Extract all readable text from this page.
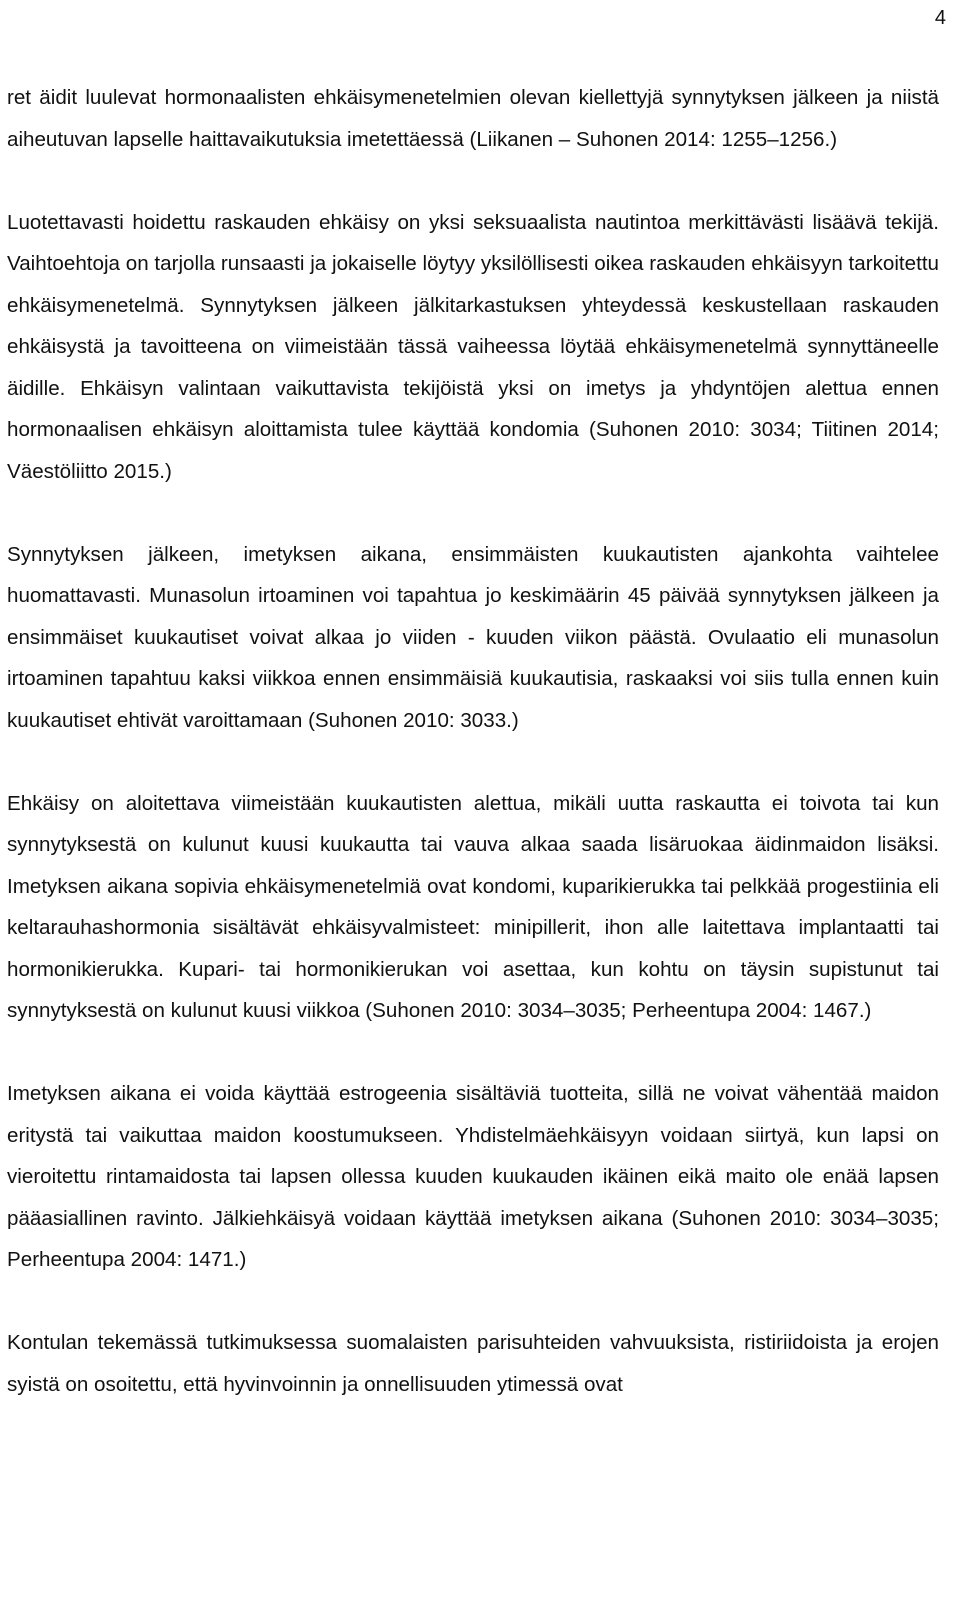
4

ret äidit luulevat hormonaalisten ehkäisymenetelmien olevan kiellettyjä synnytyksen jälkeen ja niistä aiheutuvan lapselle haittavaikutuksia imetettäessä (Liikanen – Suhonen 2014: 1255–1256.)

Luotettavasti hoidettu raskauden ehkäisy on yksi seksuaalista nautintoa merkittävästi lisäävä tekijä. Vaihtoehtoja on tarjolla runsaasti ja jokaiselle löytyy yksilöllisesti oikea raskauden ehkäisyyn tarkoitettu ehkäisymenetelmä. Synnytyksen jälkeen jälkitarkastuksen yhteydessä keskustellaan raskauden ehkäisystä ja tavoitteena on viimeistään tässä vaiheessa löytää ehkäisymenetelmä synnyttäneelle äidille. Ehkäisyn valintaan vaikuttavista tekijöistä yksi on imetys ja yhdyntöjen alettua ennen hormonaalisen ehkäisyn aloittamista tulee käyttää kondomia (Suhonen 2010: 3034; Tiitinen 2014; Väestöliitto 2015.)

Synnytyksen jälkeen, imetyksen aikana, ensimmäisten kuukautisten ajankohta vaihtelee huomattavasti. Munasolun irtoaminen voi tapahtua jo keskimäärin 45 päivää synnytyksen jälkeen ja ensimmäiset kuukautiset voivat alkaa jo viiden - kuuden viikon päästä. Ovulaatio eli munasolun irtoaminen tapahtuu kaksi viikkoa ennen ensimmäisiä kuukautisia, raskaaksi voi siis tulla ennen kuin kuukautiset ehtivät varoittamaan (Suhonen 2010: 3033.)

Ehkäisy on aloitettava viimeistään kuukautisten alettua, mikäli uutta raskautta ei toivota tai kun synnytyksestä on kulunut kuusi kuukautta tai vauva alkaa saada lisäruokaa äidinmaidon lisäksi. Imetyksen aikana sopivia ehkäisymenetelmiä ovat kondomi, kuparikierukka tai pelkkää progestiinia eli keltarauhashormonia sisältävät ehkäisyvalmisteet: minipillerit, ihon alle laitettava implantaatti tai hormonikierukka. Kupari- tai hormonikierukan voi asettaa, kun kohtu on täysin supistunut tai synnytyksestä on kulunut kuusi viikkoa (Suhonen 2010: 3034–3035; Perheentupa 2004: 1467.)

Imetyksen aikana ei voida käyttää estrogeenia sisältäviä tuotteita, sillä ne voivat vähentää maidon eritystä tai vaikuttaa maidon koostumukseen. Yhdistelmäehkäisyyn voidaan siirtyä, kun lapsi on vieroitettu rintamaidosta tai lapsen ollessa kuuden kuukauden ikäinen eikä maito ole enää lapsen pääasiallinen ravinto. Jälkiehkäisyä voidaan käyttää imetyksen aikana (Suhonen 2010: 3034–3035; Perheentupa 2004: 1471.)

Kontulan tekemässä tutkimuksessa suomalaisten parisuhteiden vahvuuksista, ristiriidoista ja erojen syistä on osoitettu, että hyvinvoinnin ja onnellisuuden ytimessä ovat
